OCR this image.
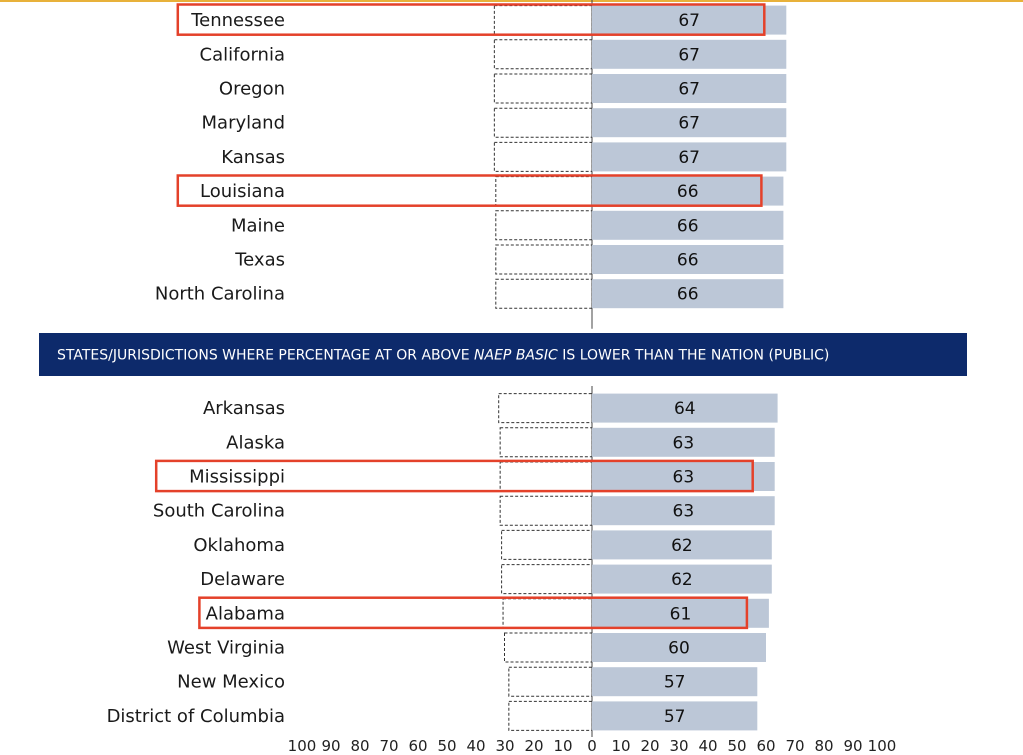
STATES/JURISDICTIONS WHERE PERCENTAGE AT OR ABOVE NAEP BASIC IS LOWER THAN THE NATION (PUBLIC)
Tennessee	67
California	67
Oregon	67
Maryland	67
Kansas	67
Louisiana	66
Maine	66
Texas	66
North Carolina	66
Arkansas	64
Alaska	63
Mississippi	63
South Carolina	63
Oklahoma	62
Delaware	62
Alabama	61
West Virginia	60
New Mexico	57
District of Columbia	57
100 90 80 70 60 50 40 30 20 10 0 10 20 30 40 50 60 70 80 90 100
